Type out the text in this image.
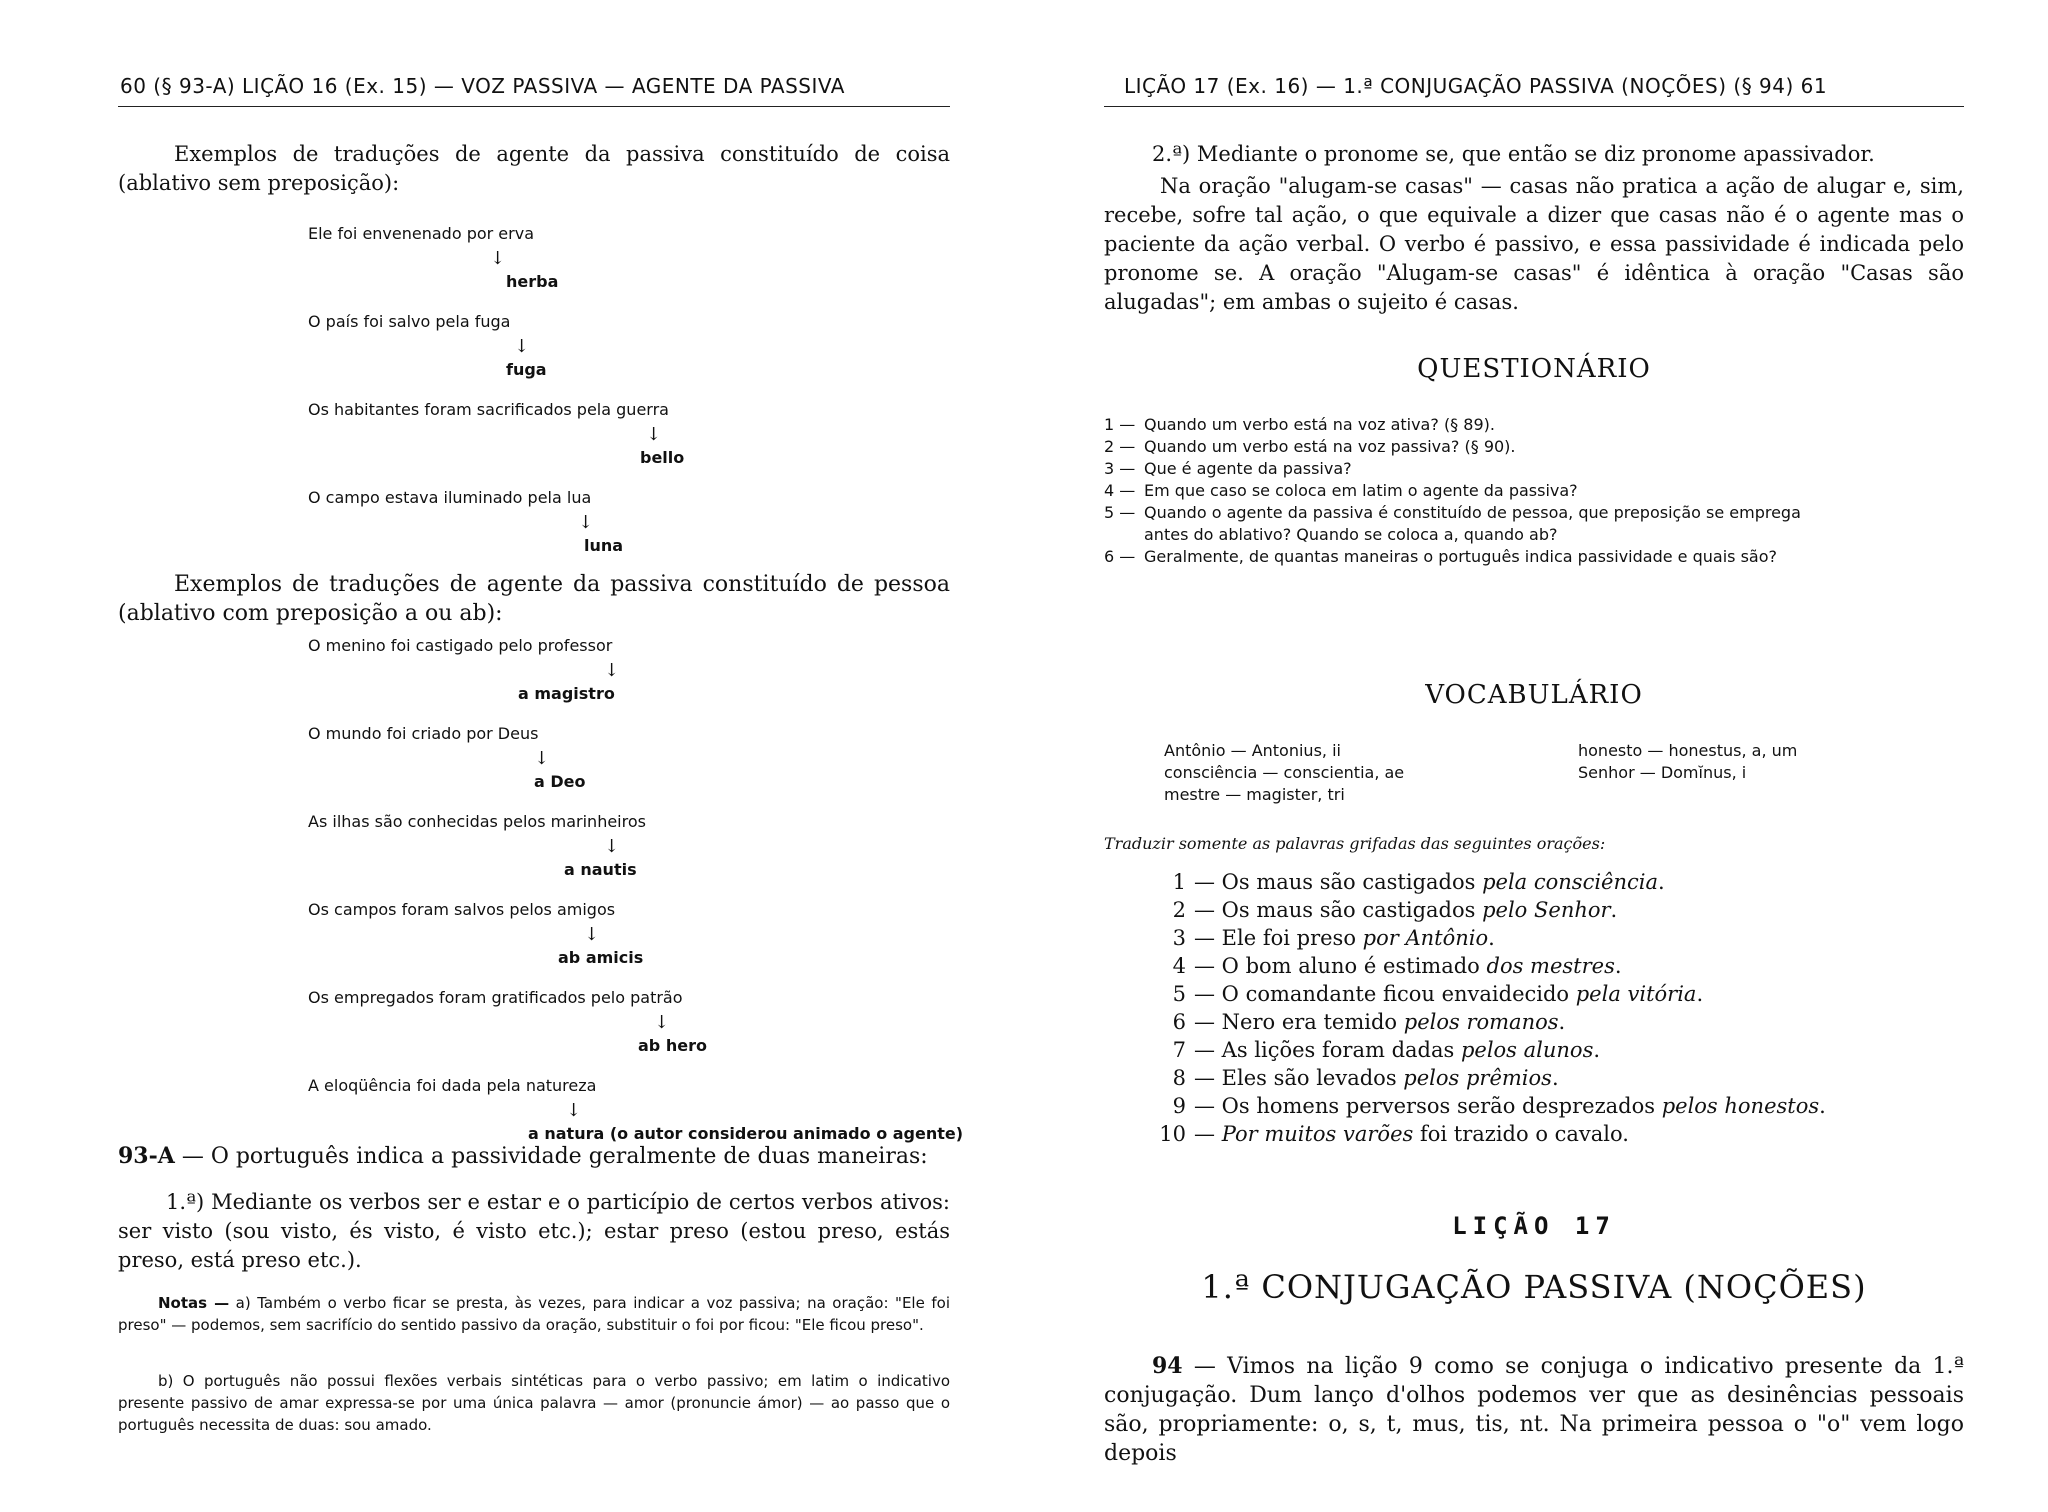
60 (§ 93-A) LIÇÃO 16 (Ex. 15) — VOZ PASSIVA — AGENTE DA PASSIVA
Exemplos de traduções de agente da passiva constituído de coisa (ablativo sem preposição):
Ele foi envenenado por erva
↓
herba
O país foi salvo pela fuga
↓
fuga
Os habitantes foram sacrificados pela guerra
↓
bello
O campo estava iluminado pela lua
↓
luna
Exemplos de traduções de agente da passiva constituído de pessoa (ablativo com preposição a ou ab):
O menino foi castigado pelo professor
↓
a magistro
O mundo foi criado por Deus
↓
a Deo
As ilhas são conhecidas pelos marinheiros
↓
a nautis
Os campos foram salvos pelos amigos
↓
ab amicis
Os empregados foram gratificados pelo patrão
↓
ab hero
A eloqüência foi dada pela natureza
↓
a natura (o autor considerou animado o agente)
93-A — O português indica a passividade geralmente de duas maneiras:
1.ª) Mediante os verbos ser e estar e o particípio de certos verbos ativos: ser visto (sou visto, és visto, é visto etc.); estar preso (estou preso, estás preso, está preso etc.).
Notas — a) Também o verbo ficar se presta, às vezes, para indicar a voz passiva; na oração: "Ele foi preso" — podemos, sem sacrifício do sentido passivo da oração, substituir o foi por ficou: "Ele ficou preso".
b) O português não possui flexões verbais sintéticas para o verbo passivo; em latim o indicativo presente passivo de amar expressa-se por uma única palavra — amor (pronuncie ámor) — ao passo que o português necessita de duas: sou amado.
LIÇÃO 17 (Ex. 16) — 1.ª CONJUGAÇÃO PASSIVA (NOÇÕES) (§ 94) 61
2.ª) Mediante o pronome se, que então se diz pronome apassivador.
Na oração "alugam-se casas" — casas não pratica a ação de alugar e, sim, recebe, sofre tal ação, o que equivale a dizer que casas não é o agente mas o paciente da ação verbal. O verbo é passivo, e essa passividade é indicada pelo pronome se. A oração "Alugam-se casas" é idêntica à oração "Casas são alugadas"; em ambas o sujeito é casas.
QUESTIONÁRIO
1 — Quando um verbo está na voz ativa? (§ 89).
2 — Quando um verbo está na voz passiva? (§ 90).
3 — Que é agente da passiva?
4 — Em que caso se coloca em latim o agente da passiva?
5 — Quando o agente da passiva é constituído de pessoa, que preposição se emprega
antes do ablativo? Quando se coloca a, quando ab?
6 — Geralmente, de quantas maneiras o português indica passividade e quais são?
VOCABULÁRIO
Antônio — Antonius, ii
consciência — conscientia, ae
mestre — magister, tri
honesto — honestus, a, um
Senhor — Domĭnus, i
Traduzir somente as palavras grifadas das seguintes orações:
1 — Os maus são castigados pela consciência .
2 — Os maus são castigados pelo Senhor .
3 — Ele foi preso por Antônio .
4 — O bom aluno é estimado dos mestres .
5 — O comandante ficou envaidecido pela vitória .
6 — Nero era temido pelos romanos .
7 — As lições foram dadas pelos alunos .
8 — Eles são levados pelos prêmios .
9 — Os homens perversos serão desprezados pelos honestos .
10 — Por muitos varões foi trazido o cavalo.
LIÇÃO 17
1.ª CONJUGAÇÃO PASSIVA (NOÇÕES)
94 — Vimos na lição 9 como se conjuga o indicativo presente da 1.ª conjugação. Dum lanço d'olhos podemos ver que as desinências pessoais são, propriamente: o, s, t, mus, tis, nt. Na primeira pessoa o "o" vem logo depois
